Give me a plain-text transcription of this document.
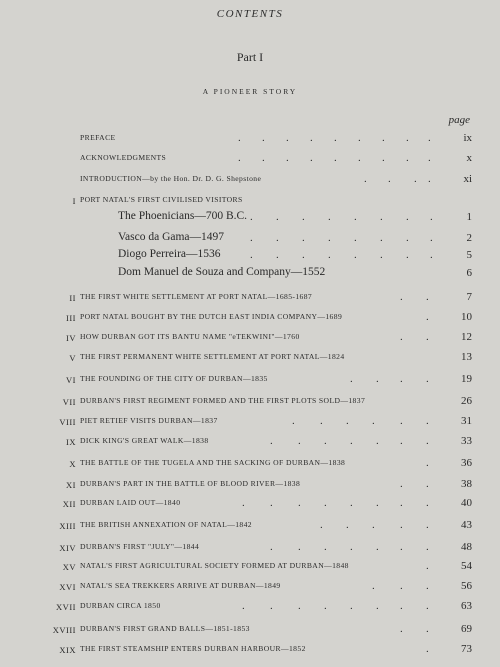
CONTENTS
Part I
A PIONEER STORY
page
PREFACE	. . . . . . . . .	ix
ACKNOWLEDGMENTS	. . . . . . . . .	x
INTRODUCTION—by the Hon. Dr. D. G. Shepstone	. . . .	xi
I PORT NATAL'S FIRST CIVILISED VISITORS
The Phoenicians—700 B.C. . . . . . . . .	1
Vasco da Gama—1497 . . . . . . . .	2
Diogo Perreira—1536	. . . . . . . .	5
Dom Manuel de Souza and Company—1552	6
II THE FIRST WHITE SETTLEMENT AT PORT NATAL—1685-1687	. .	7
III PORT NATAL BOUGHT BY THE DUTCH EAST INDIA COMPANY—1689	.	10
IV HOW DURBAN GOT ITS BANTU NAME "eTEKWINI"—1760	. .	12
V THE FIRST PERMANENT WHITE SETTLEMENT AT PORT NATAL—1824	13
VI THE FOUNDING OF THE CITY OF DURBAN—1835	. . . .	19
VII DURBAN'S FIRST REGIMENT FORMED AND THE FIRST PLOTS SOLD—1837	26
VIII PIET RETIEF VISITS DURBAN—1837	. . . . . .	31
IX DICK KING'S GREAT WALK—1838	. . . . . . .	33
X THE BATTLE OF THE TUGELA AND THE SACKING OF DURBAN—1838	.	36
XI DURBAN'S PART IN THE BATTLE OF BLOOD RIVER—1838	. .	38
XII DURBAN LAID OUT—1840	. . . . . . . .	40
XIII THE BRITISH ANNEXATION OF NATAL—1842	. . . . .	43
XIV DURBAN'S FIRST "JULY"—1844	. . . . . . .	48
XV NATAL'S FIRST AGRICULTURAL SOCIETY FORMED AT DURBAN—1848	.	54
XVI NATAL'S SEA TREKKERS ARRIVE AT DURBAN—1849	. . .	56
XVII DURBAN CIRCA 1850	. . . . . . . .	63
XVIII DURBAN'S FIRST GRAND BALLS—1851-1853	. .	69
XIX THE FIRST STEAMSHIP ENTERS DURBAN HARBOUR—1852	.	73
